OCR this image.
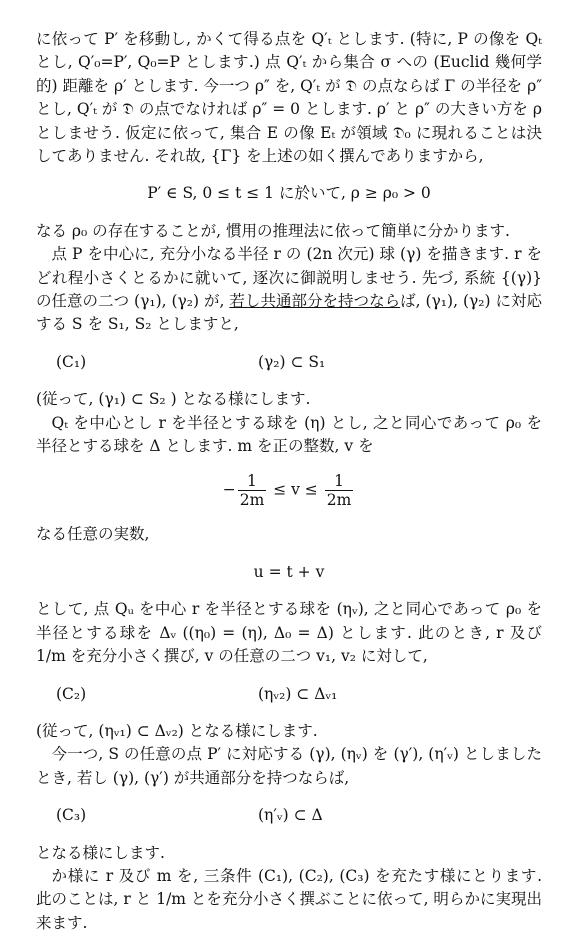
に依って P′ を移動し, かくて得る点を Q′ₜ とします. (特に, P の像を Qₜ とし, Q′₀=P′, Q₀=P とします.) 点 Q′ₜ から集合 σ への (Euclid 幾何学的) 距離を ρ′ とします. 今一つ ρ″ を, Q′ₜ が 𝔇 の点ならば Γ の半径を ρ″ とし, Q′ₜ が 𝔇 の点でなければ ρ″ = 0 とします. ρ′ と ρ″ の大きい方を ρ としませう. 仮定に依って, 集合 E の像 Eₜ が領域 𝔇₀ に現れることは決してありません. それ故, {Γ} を上述の如く撰んでありますから,

P′ ∈ S, 0 ≤ t ≤ 1 に於いて, ρ ≥ ρ₀ > 0

なる ρ₀ の存在することが, 慣用の推理法に依って簡単に分かります.

点 P を中心に, 充分小なる半径 r の (2n 次元) 球 (γ) を描きます. r をどれ程小さくとるかに就いて, 逐次に御説明しませう. 先づ, 系統 {(γ)} の任意の二つ (γ₁), (γ₂) が, 若し共通部分を持つならば, (γ₁), (γ₂) に対応する S を S₁, S₂ としますと,

(C₁)	(γ₂) ⊂ S₁

(従って, (γ₁) ⊂ S₂ ) となる様にします.

Qₜ を中心とし r を半径とする球を (η) とし, 之と同心であって ρ₀ を半径とする球を Δ とします. m を正の整数, v を

− $\frac{1}{2m} \le v \le \frac{1}{2m}$

なる任意の実数,

u = t + v

として, 点 Qᵤ を中心 r を半径とする球を (ηᵥ), 之と同心であって ρ₀ を半径とする球を Δᵥ ((η₀) = (η), Δ₀ = Δ) とします. 此のとき, r 及び 1/m を充分小さく撰び, v の任意の二つ v₁, v₂ に対して,

(C₂)	(ηᵥ₂) ⊂ Δᵥ₁

(従って, (ηᵥ₁) ⊂ Δᵥ₂) となる様にします.

今一つ, S の任意の点 P′ に対応する (γ), (ηᵥ) を (γ′), (η′ᵥ) としましたとき, 若し (γ), (γ′) が共通部分を持つならば,

(C₃)	(η′ᵥ) ⊂ Δ

となる様にします.

か様に r 及び m を, 三条件 (C₁), (C₂), (C₃) を充たす様にとります. 此のことは, r と 1/m とを充分小さく撰ぶことに依って, 明らかに実現出来ます.
